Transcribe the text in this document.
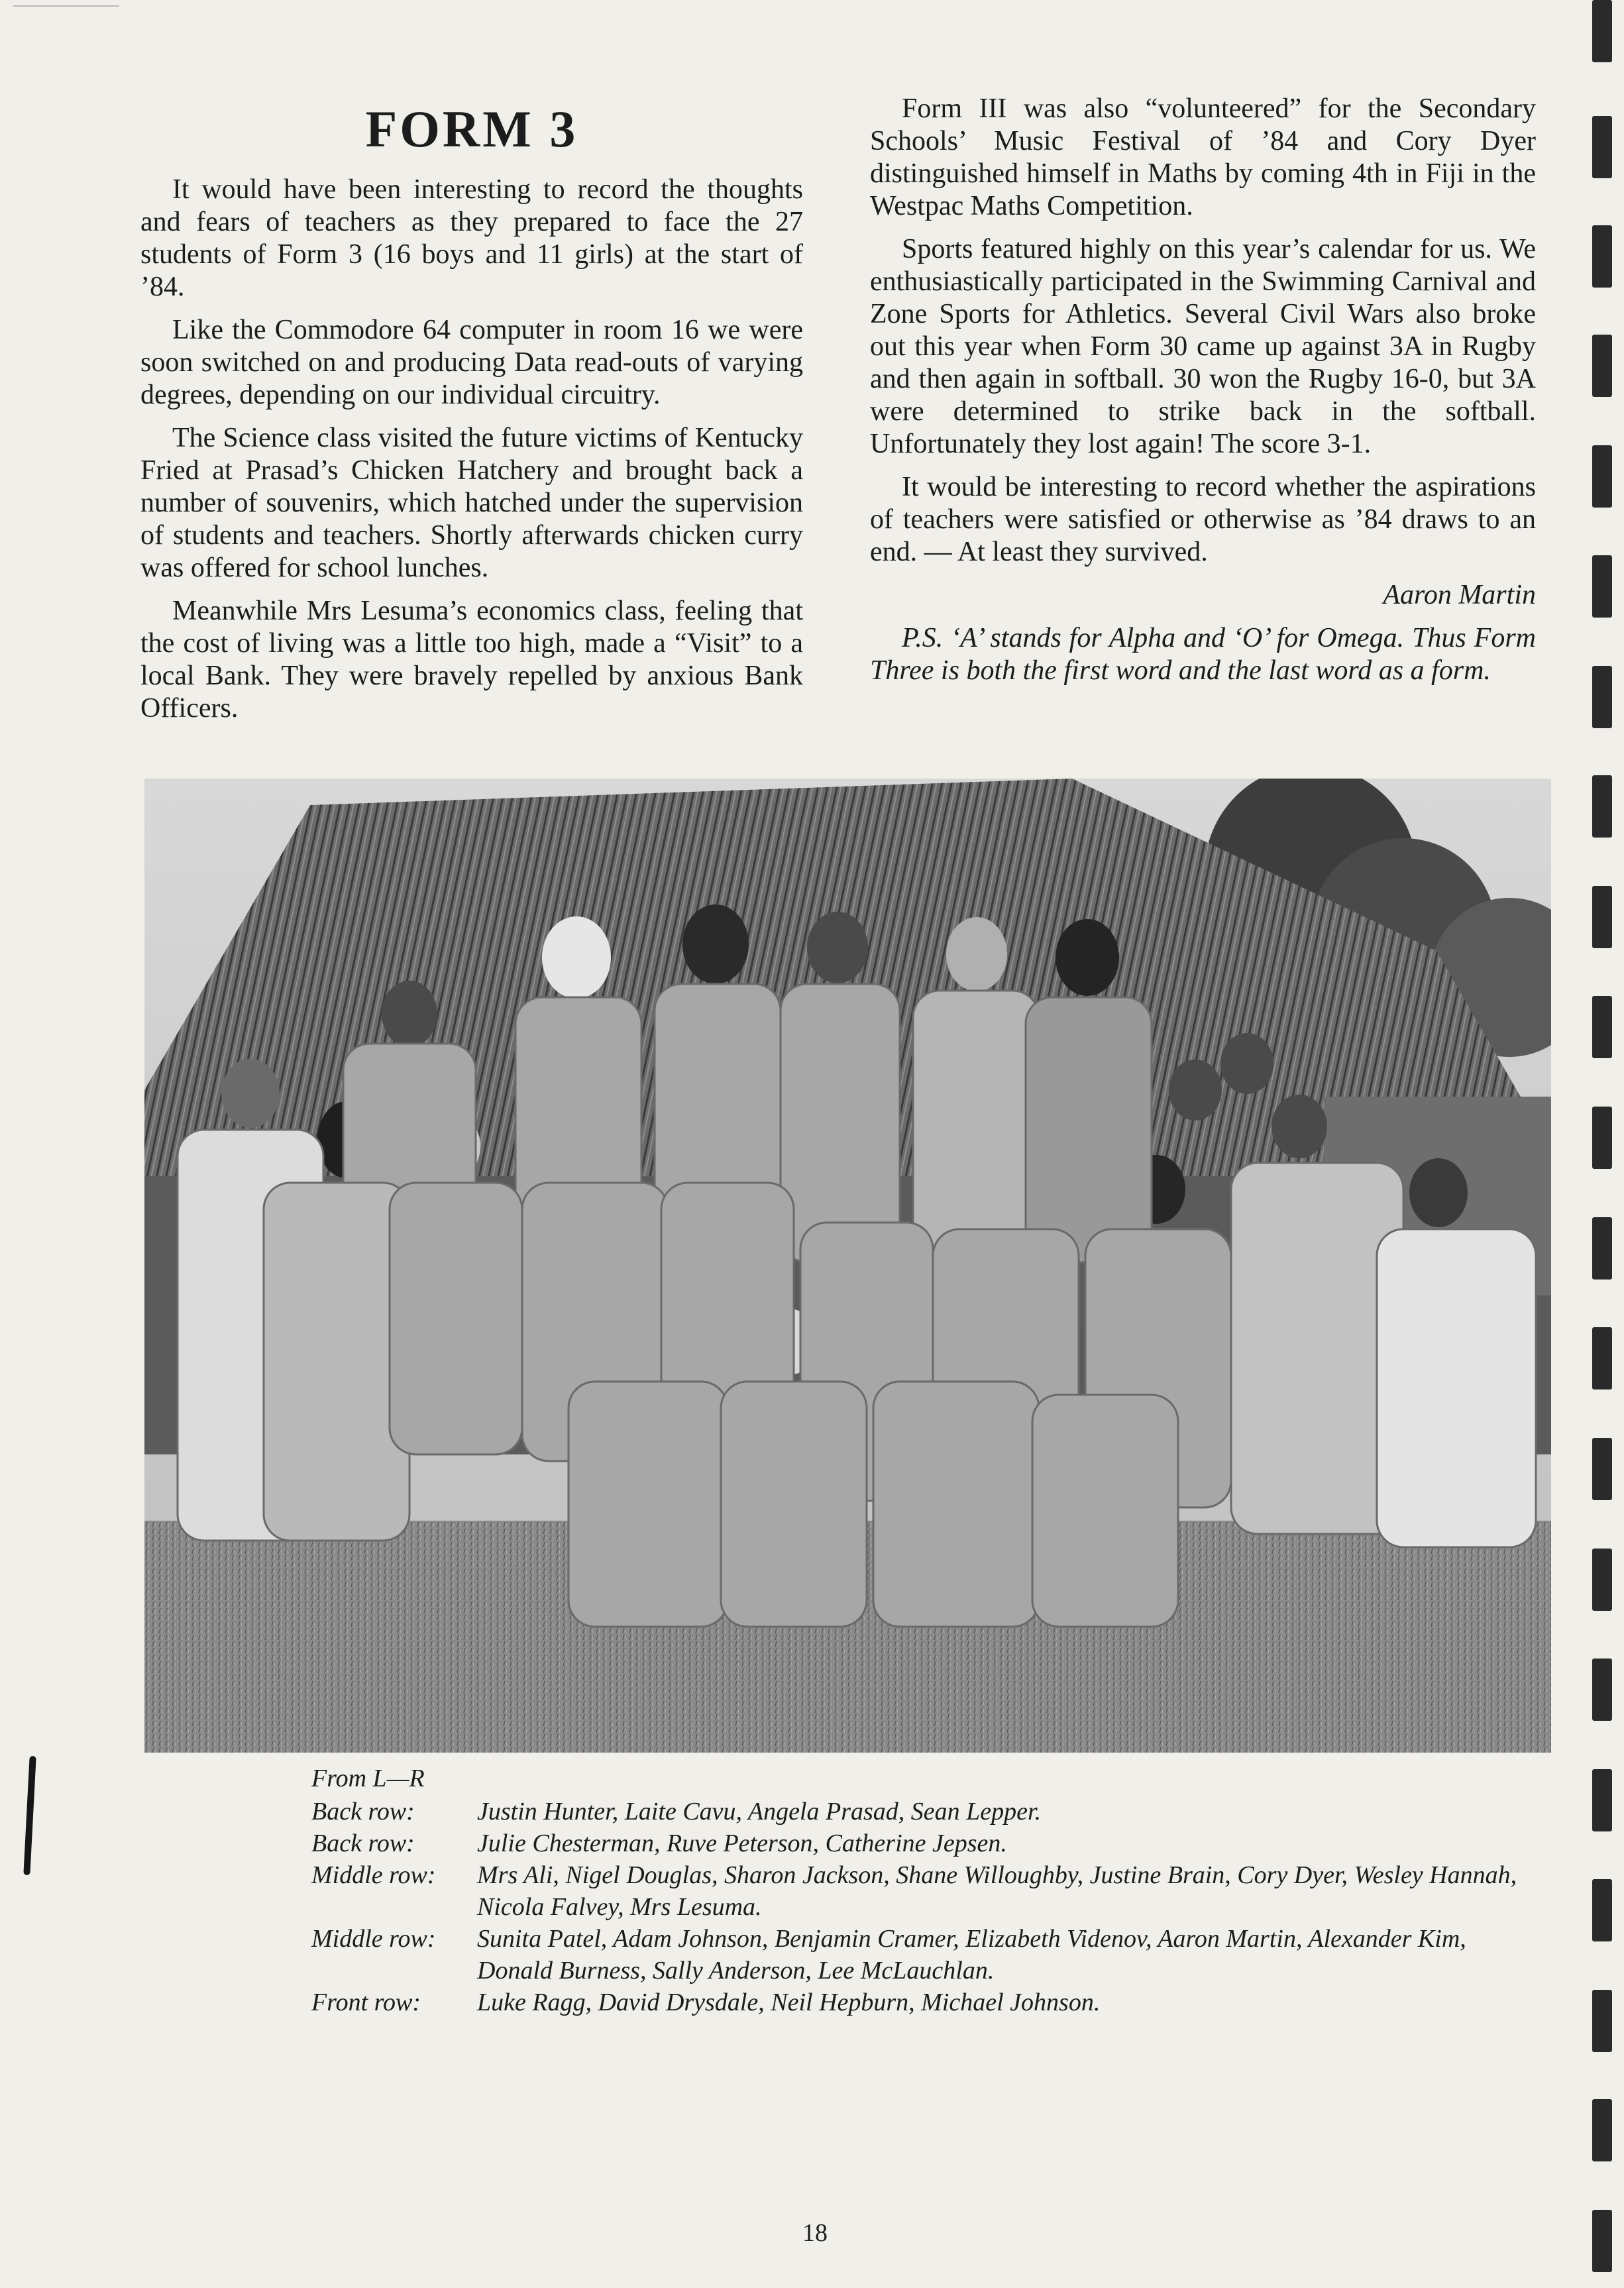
FORM 3

It would have been interesting to record the thoughts and fears of teachers as they prepared to face the 27 students of Form 3 (16 boys and 11 girls) at the start of ’84.

Like the Commodore 64 computer in room 16 we were soon switched on and producing Data read-outs of varying degrees, depending on our individual circuitry.

The Science class visited the future victims of Kentucky Fried at Prasad’s Chicken Hatchery and brought back a number of souvenirs, which hatched under the supervision of students and teachers. Shortly afterwards chicken curry was offered for school lunches.

Meanwhile Mrs Lesuma’s economics class, feeling that the cost of living was a little too high, made a “Visit” to a local Bank. They were bravely repelled by anxious Bank Officers.

Form III was also “volunteered” for the Secondary Schools’ Music Festival of ’84 and Cory Dyer distinguished himself in Maths by coming 4th in Fiji in the Westpac Maths Competition.

Sports featured highly on this year’s calendar for us. We enthusiastically participated in the Swimming Carnival and Zone Sports for Athletics. Several Civil Wars also broke out this year when Form 30 came up against 3A in Rugby and then again in softball. 30 won the Rugby 16-0, but 3A were determined to strike back in the softball. Unfortunately they lost again! The score 3-1.

It would be interesting to record whether the aspirations of teachers were satisfied or otherwise as ’84 draws to an end. — At least they survived.

Aaron Martin

P.S. ‘A’ stands for Alpha and ‘O’ for Omega. Thus Form Three is both the first word and the last word as a form.

From L—R
Back row:	Justin Hunter, Laite Cavu, Angela Prasad, Sean Lepper.
Back row:	Julie Chesterman, Ruve Peterson, Catherine Jepsen.
Middle row:	Mrs Ali, Nigel Douglas, Sharon Jackson, Shane Willoughby, Justine Brain, Cory Dyer, Wesley Hannah, Nicola Falvey, Mrs Lesuma.
Middle row:	Sunita Patel, Adam Johnson, Benjamin Cramer, Elizabeth Videnov, Aaron Martin, Alexander Kim, Donald Burness, Sally Anderson, Lee McLauchlan.
Front row:	Luke Ragg, David Drysdale, Neil Hepburn, Michael Johnson.
18
